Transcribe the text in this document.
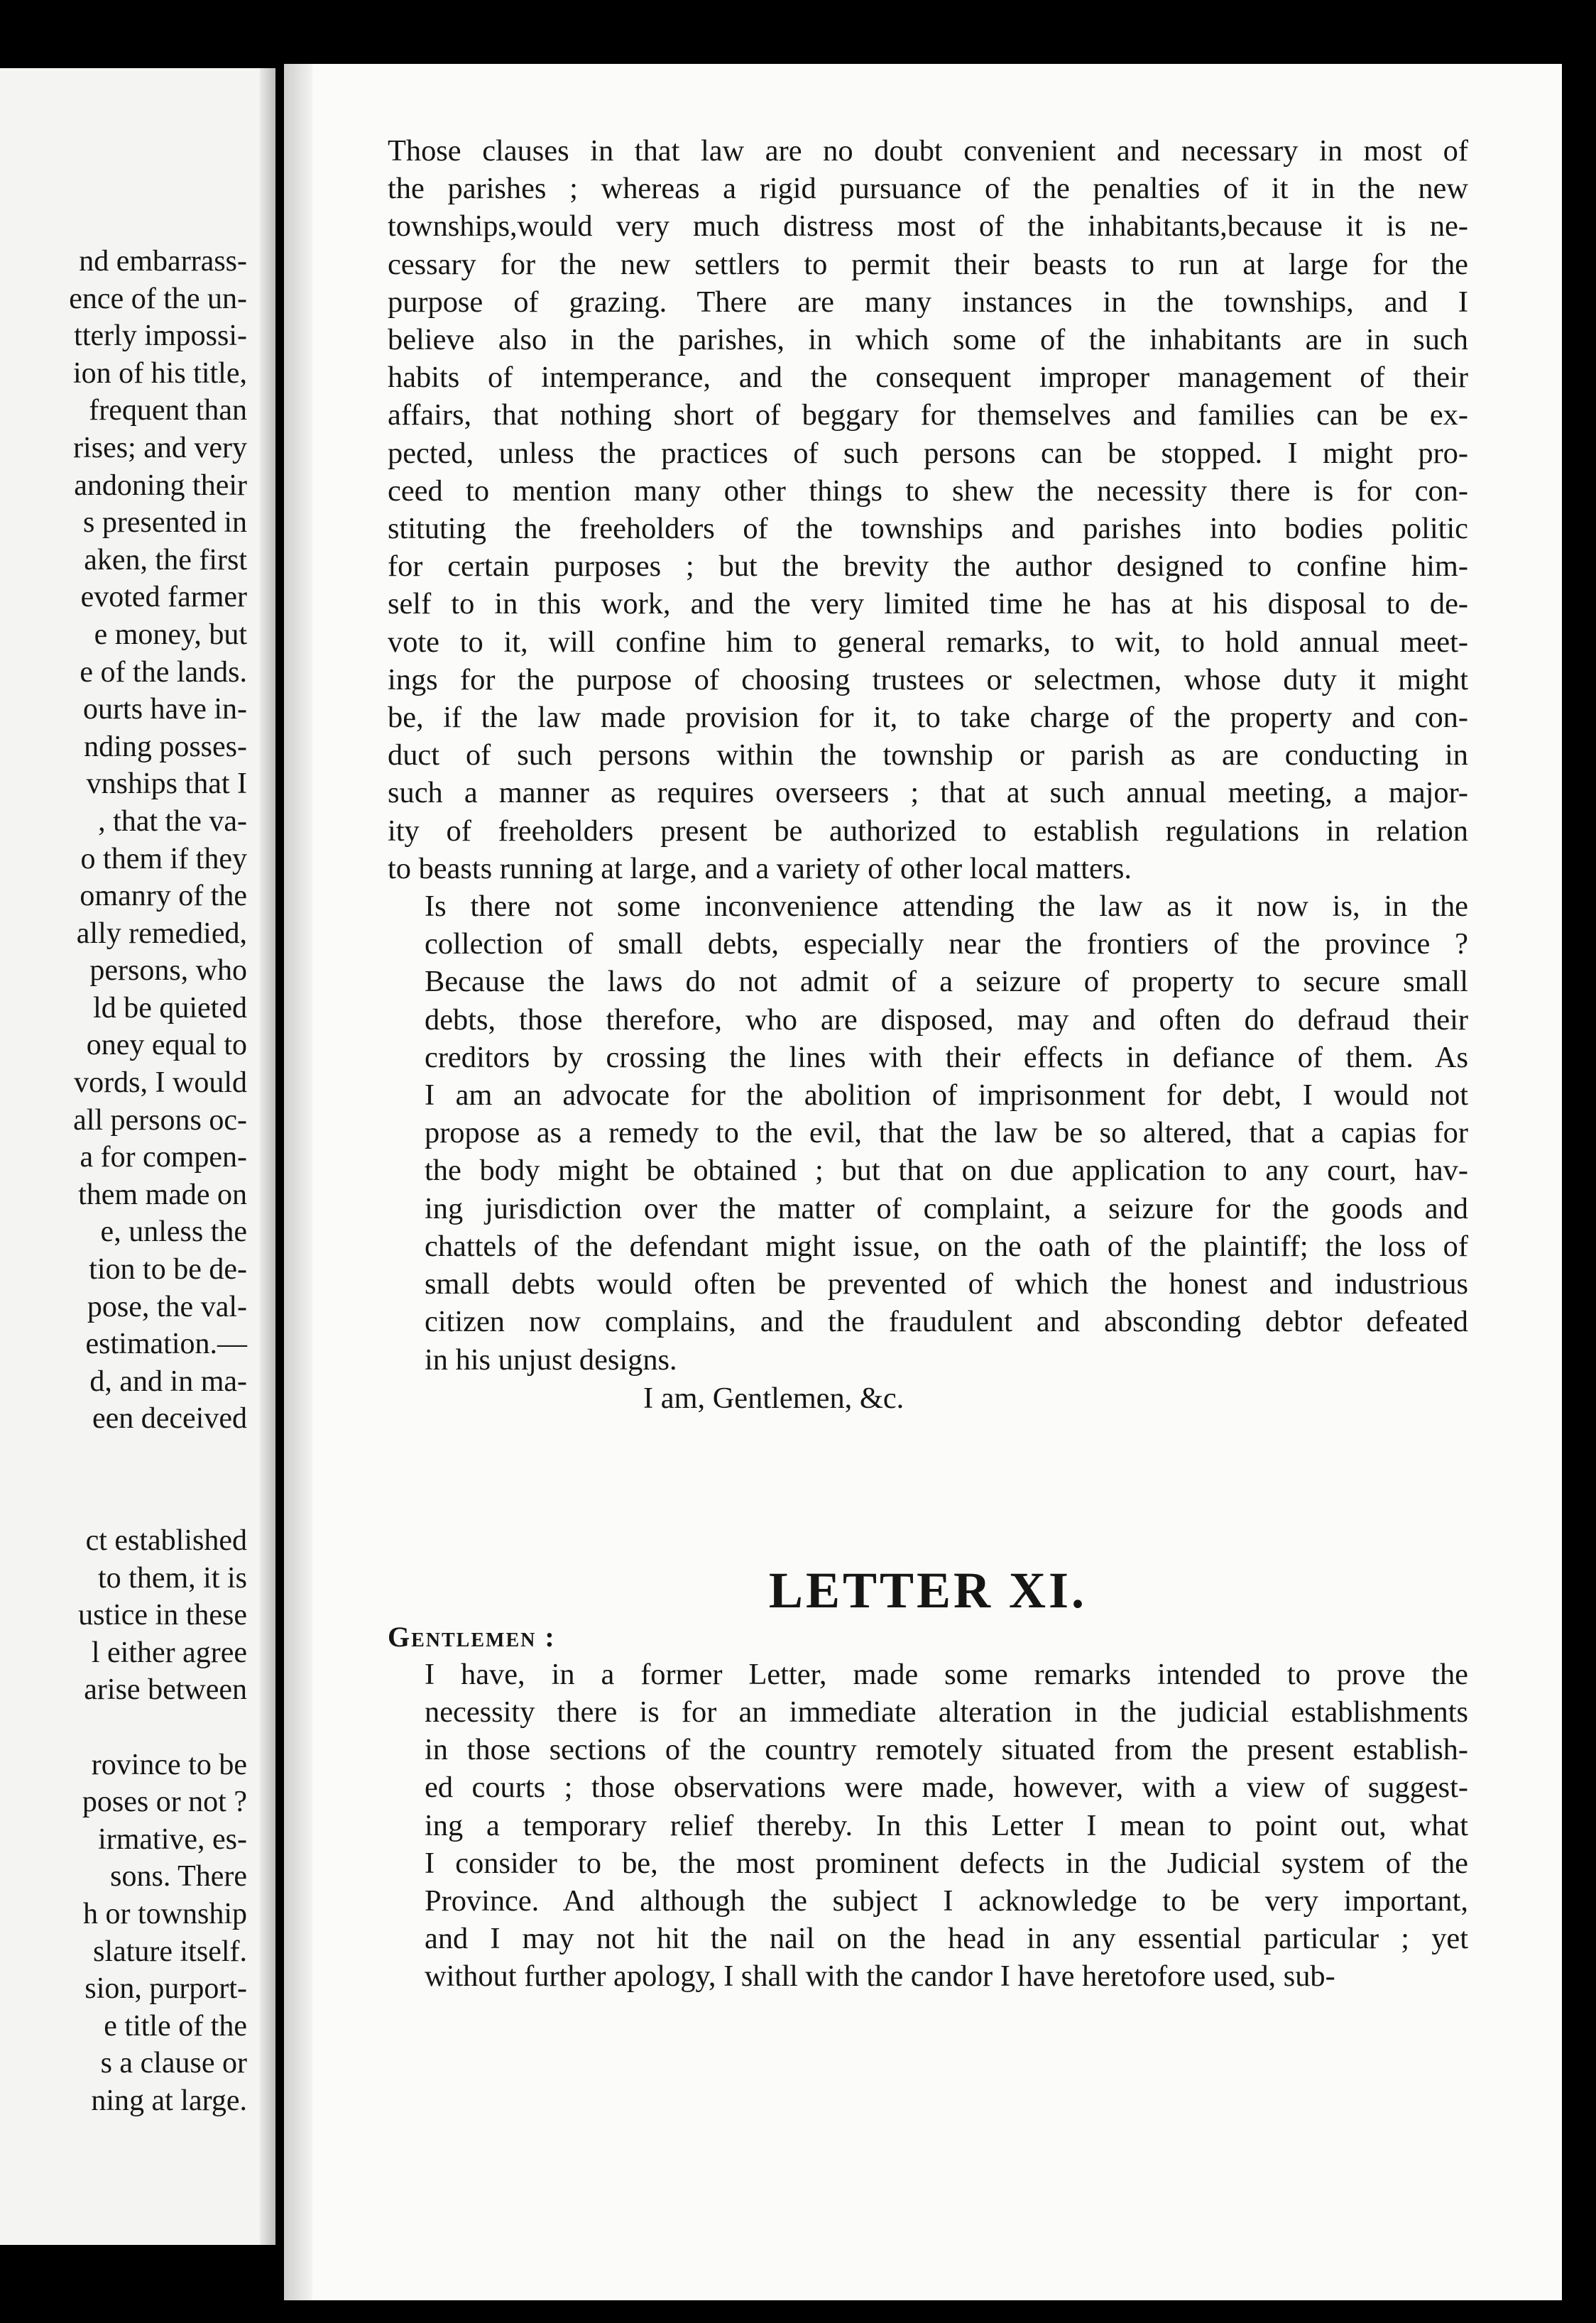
nd embarrass-
ence of the un-
tterly impossi-
ion of his title,
frequent than
rises; and very
andoning their
s presented in
aken, the first
evoted farmer
e money, but
e of the lands.
ourts have in-
nding posses-
vnships that I
, that the va-
o them if they
omanry of the
ally remedied,
persons, who
ld be quieted
oney equal to
vords, I would
all persons oc-
a for compen-
them made on
e, unless the
tion to be de-
pose, the val-
estimation.—
d, and in ma-
een deceived
ct established
to them, it is
ustice in these
l either agree
arise between

rovince to be
poses or not ?
irmative, es-
sons. There
h or township
slature itself.
sion, purport-
e title of the
s a clause or
ning at large.

Those clauses in that law are no doubt convenient and necessary in most of
the parishes ; whereas a rigid pursuance of the penalties of it in the new
townships,would very much distress most of the inhabitants,because it is ne-
cessary for the new settlers to permit their beasts to run at large for the
purpose of grazing. There are many instances in the townships, and I
believe also in the parishes, in which some of the inhabitants are in such
habits of intemperance, and the consequent improper management of their
affairs, that nothing short of beggary for themselves and families can be ex-
pected, unless the practices of such persons can be stopped. I might pro-
ceed to mention many other things to shew the necessity there is for con-
stituting the freeholders of the townships and parishes into bodies politic
for certain purposes ; but the brevity the author designed to confine him-
self to in this work, and the very limited time he has at his disposal to de-
vote to it, will confine him to general remarks, to wit, to hold annual meet-
ings for the purpose of choosing trustees or selectmen, whose duty it might
be, if the law made provision for it, to take charge of the property and con-
duct of such persons within the township or parish as are conducting in
such a manner as requires overseers ; that at such annual meeting, a major-
ity of freeholders present be authorized to establish regulations in relation
to beasts running at large, and a variety of other local matters.

Is there not some inconvenience attending the law as it now is, in the
collection of small debts, especially near the frontiers of the province ?
Because the laws do not admit of a seizure of property to secure small
debts, those therefore, who are disposed, may and often do defraud their
creditors by crossing the lines with their effects in defiance of them. As
I am an advocate for the abolition of imprisonment for debt, I would not
propose as a remedy to the evil, that the law be so altered, that a capias for
the body might be obtained ; but that on due application to any court, hav-
ing jurisdiction over the matter of complaint, a seizure for the goods and
chattels of the defendant might issue, on the oath of the plaintiff; the loss of
small debts would often be prevented of which the honest and industrious
citizen now complains, and the fraudulent and absconding debtor defeated
in his unjust designs.

I am, Gentlemen, &c.

LETTER XI.

Gentlemen :

I have, in a former Letter, made some remarks intended to prove the
necessity there is for an immediate alteration in the judicial establishments
in those sections of the country remotely situated from the present establish-
ed courts ; those observations were made, however, with a view of suggest-
ing a temporary relief thereby. In this Letter I mean to point out, what
I consider to be, the most prominent defects in the Judicial system of the
Province. And although the subject I acknowledge to be very important,
and I may not hit the nail on the head in any essential particular ; yet
without further apology, I shall with the candor I have heretofore used, sub-
